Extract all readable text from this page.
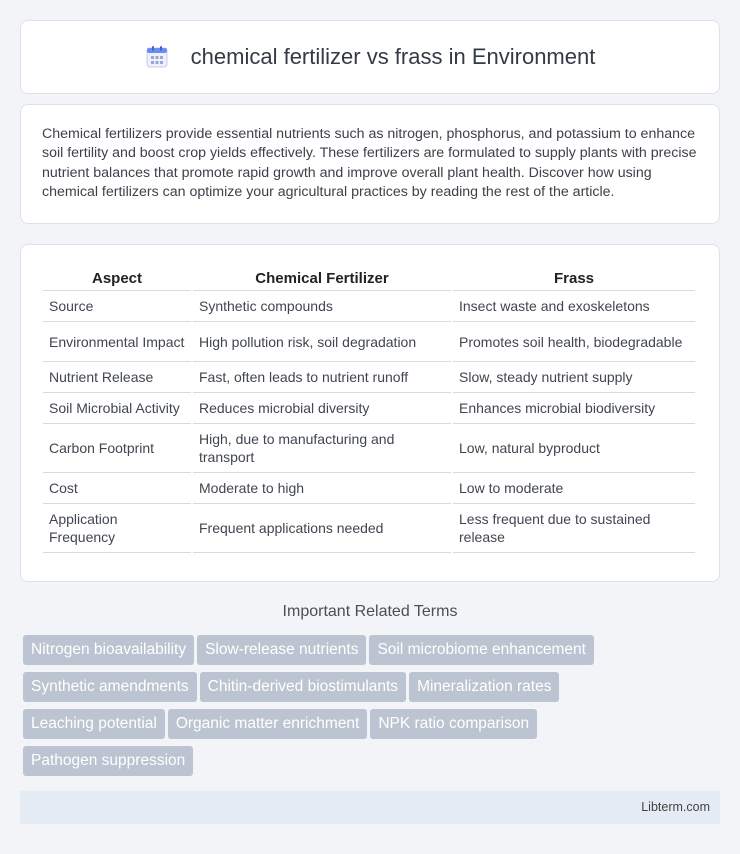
chemical fertilizer vs frass in Environment

Chemical fertilizers provide essential nutrients such as nitrogen, phosphorus, and potassium to enhance soil fertility and boost crop yields effectively. These fertilizers are formulated to supply plants with precise nutrient balances that promote rapid growth and improve overall plant health. Discover how using chemical fertilizers can optimize your agricultural practices by reading the rest of the article.

Aspect	Chemical Fertilizer	Frass
Source	Synthetic compounds	Insect waste and exoskeletons
Environmental Impact	High pollution risk, soil degradation	Promotes soil health, biodegradable
Nutrient Release	Fast, often leads to nutrient runoff	Slow, steady nutrient supply
Soil Microbial Activity	Reduces microbial diversity	Enhances microbial biodiversity
Carbon Footprint	High, due to manufacturing and transport	Low, natural byproduct
Cost	Moderate to high	Low to moderate
Application Frequency	Frequent applications needed	Less frequent due to sustained release
Important Related Terms
Nitrogen bioavailability Slow-release nutrients Soil microbiome enhancement
Synthetic amendments Chitin-derived biostimulants Mineralization rates
Leaching potential Organic matter enrichment NPK ratio comparison
Pathogen suppression
Libterm.com
